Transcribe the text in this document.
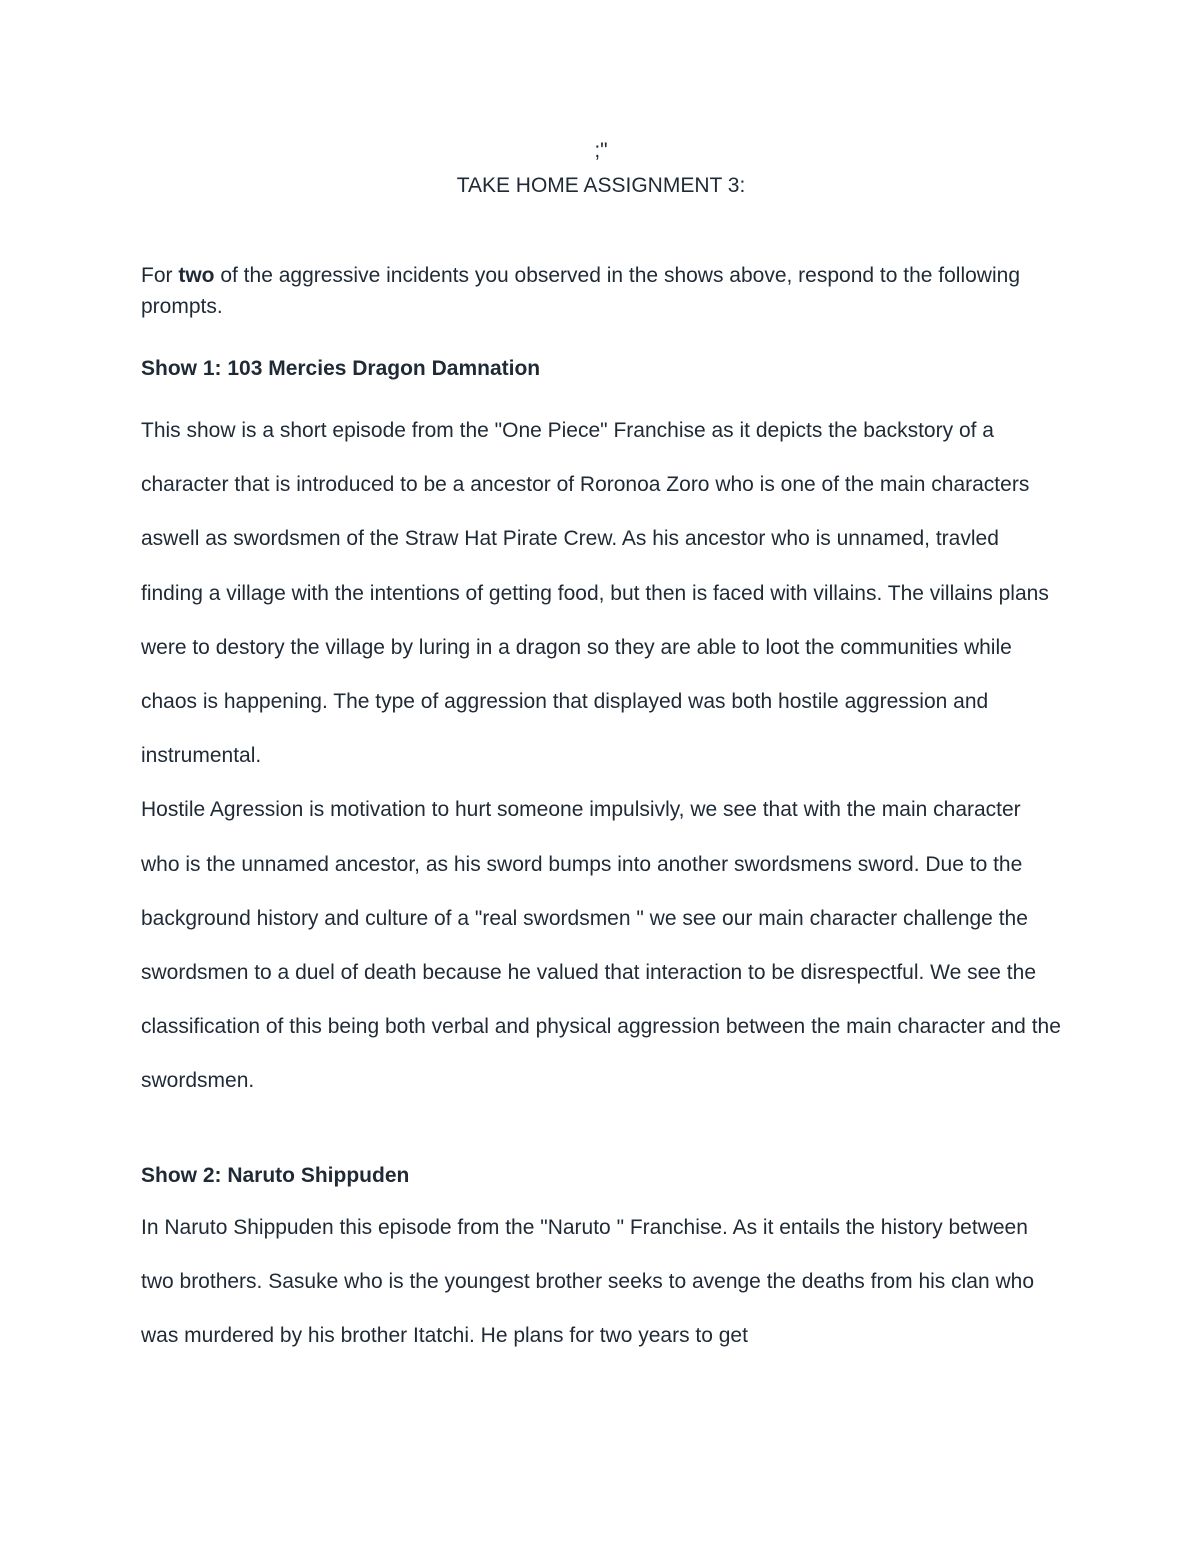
;"
TAKE HOME ASSIGNMENT 3:
For two of the aggressive incidents you observed in the shows above, respond to the following prompts.
Show 1: 103 Mercies Dragon Damnation

This show is a short episode from the "One Piece" Franchise as it depicts the backstory of a character that is introduced to be a ancestor of Roronoa Zoro who is one of the main characters aswell as swordsmen of the Straw Hat Pirate Crew. As his ancestor who is unnamed, travled finding a village with the intentions of getting food, but then is faced with villains. The villains plans were to destory the village by luring in a dragon so they are able to loot the communities while chaos is happening. The type of aggression that displayed was both hostile aggression and instrumental.

Hostile Agression is motivation to hurt someone impulsivly, we see that with the main character who is the unnamed ancestor, as his sword bumps into another swordsmens sword. Due to the background history and culture of a "real swordsmen " we see our main character challenge the swordsmen to a duel of death because he valued that interaction to be disrespectful. We see the classification of this being both verbal and physical aggression between the main character and the swordsmen.

Show 2: Naruto Shippuden

In Naruto Shippuden this episode from the "Naruto " Franchise. As it entails the history between two brothers. Sasuke who is the youngest brother seeks to avenge the deaths from his clan who was murdered by his brother Itatchi. He plans for two years to get
